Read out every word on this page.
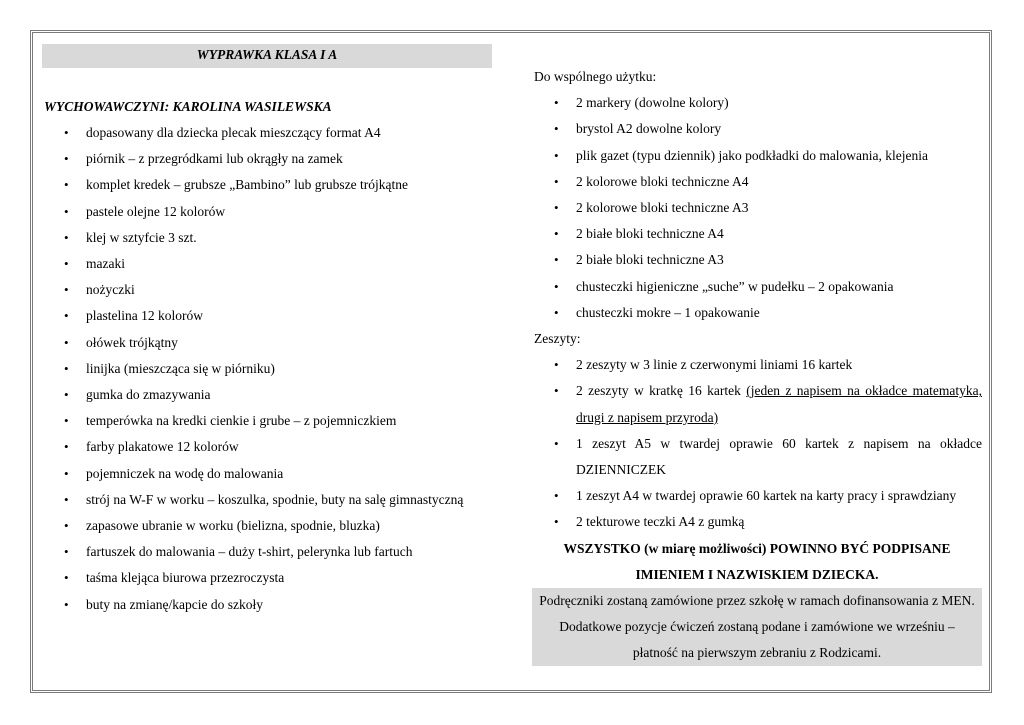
WYPRAWKA KLASA I A
WYCHOWAWCZYNI: KAROLINA WASILEWSKA
• dopasowany dla dziecka plecak mieszczący format A4
• piórnik – z przegródkami lub okrągły na zamek
• komplet kredek – grubsze „Bambino” lub grubsze trójkątne
• pastele olejne 12 kolorów
• klej w sztyfcie 3 szt.
• mazaki
• nożyczki
• plastelina 12 kolorów
• ołówek trójkątny
• linijka (mieszcząca się w piórniku)
• gumka do zmazywania
• temperówka na kredki cienkie i grube – z pojemniczkiem
• farby plakatowe 12 kolorów
• pojemniczek na wodę do malowania
• strój na W-F w worku – koszulka, spodnie, buty na salę gimnastyczną
• zapasowe ubranie w worku (bielizna, spodnie, bluzka)
• fartuszek do malowania – duży t-shirt, pelerynka lub fartuch
• taśma klejąca biurowa przezroczysta
• buty na zmianę/kapcie do szkoły
Do wspólnego użytku:
• 2 markery (dowolne kolory)
• brystol A2 dowolne kolory
• plik gazet (typu dziennik) jako podkładki do malowania, klejenia
• 2 kolorowe bloki techniczne A4
• 2 kolorowe bloki techniczne A3
• 2 białe bloki techniczne A4
• 2 białe bloki techniczne A3
• chusteczki higieniczne „suche” w pudełku – 2 opakowania
• chusteczki mokre – 1 opakowanie
Zeszyty:
• 2 zeszyty w 3 linie z czerwonymi liniami 16 kartek
• 2 zeszyty w kratkę 16 kartek (jeden z napisem na okładce matematyka, drugi z napisem przyroda)
• 1 zeszyt A5 w twardej oprawie 60 kartek z napisem na okładce DZIENNICZEK
• 1 zeszyt A4 w twardej oprawie 60 kartek na karty pracy i sprawdziany
• 2 tekturowe teczki A4 z gumką
WSZYSTKO (w miarę możliwości) POWINNO BYĆ PODPISANE
IMIENIEM I NAZWISKIEM DZIECKA.
Podręczniki zostaną zamówione przez szkołę w ramach dofinansowania z MEN. Dodatkowe pozycje ćwiczeń zostaną podane i zamówione we wrześniu – płatność na pierwszym zebraniu z Rodzicami.
